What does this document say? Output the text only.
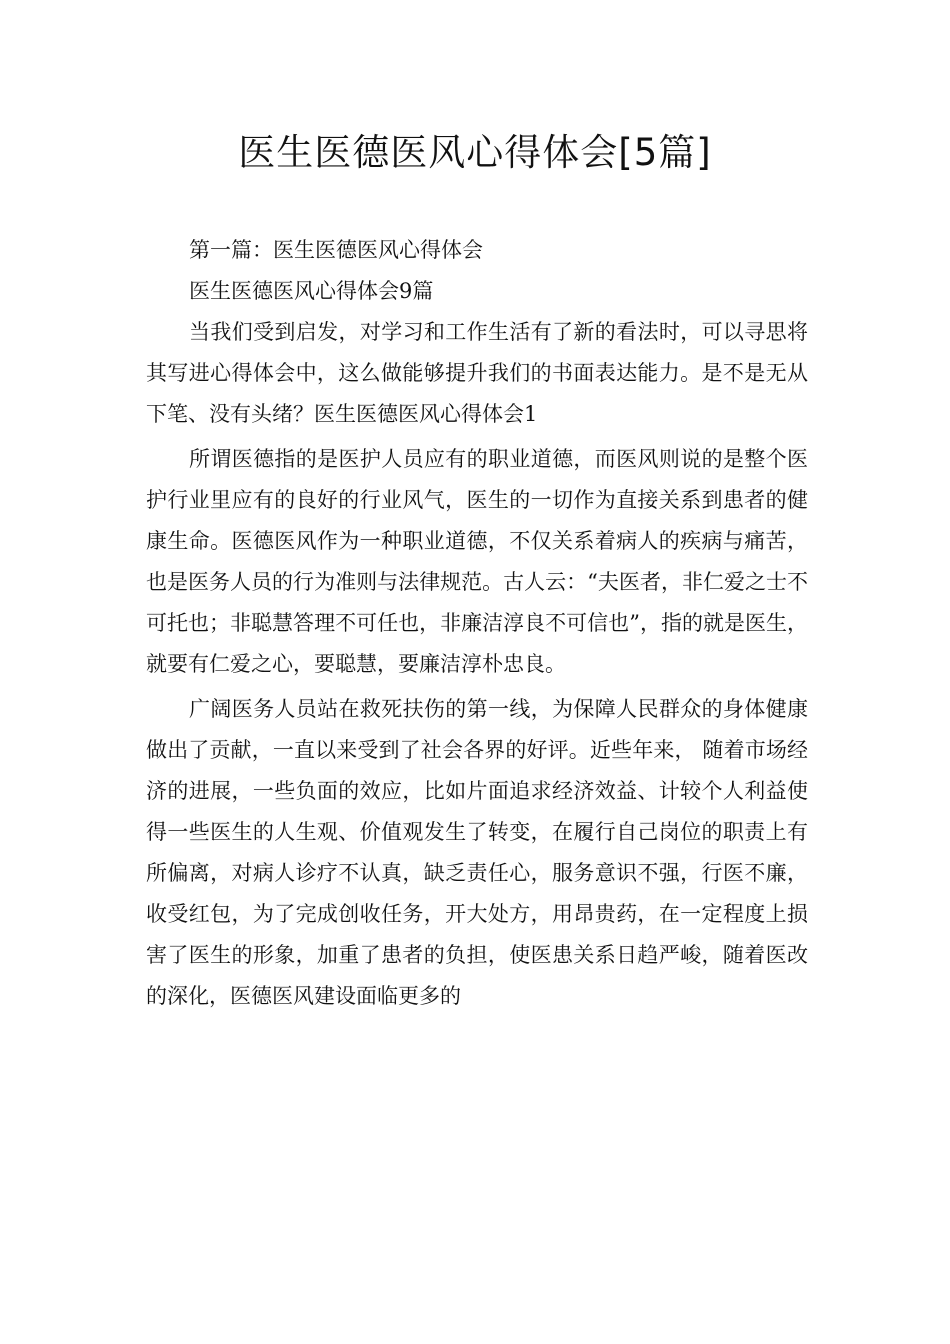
医生医德医风心得体会[5篇]

第一篇：医生医德医风心得体会

医生医德医风心得体会9篇

当我们受到启发，对学习和工作生活有了新的看法时，可以寻思将其写进心得体会中，这么做能够提升我们的书面表达能力。是不是无从下笔、没有头绪？医生医德医风心得体会1

所谓医德指的是医护人员应有的职业道德，而医风则说的是整个医护行业里应有的良好的行业风气，医生的一切作为直接关系到患者的健康生命。医德医风作为一种职业道德，不仅关系着病人的疾病与痛苦，也是医务人员的行为准则与法律规范。古人云：“夫医者，非仁爱之士不可托也；非聪慧答理不可任也，非廉洁淳良不可信也”，指的就是医生，就要有仁爱之心，要聪慧，要廉洁淳朴忠良。

广阔医务人员站在救死扶伤的第一线，为保障人民群众的身体健康做出了贡献，一直以来受到了社会各界的好评。近些年来， 随着市场经济的进展，一些负面的效应，比如片面追求经济效益、计较个人利益使得一些医生的人生观、价值观发生了转变，在履行自己岗位的职责上有所偏离，对病人诊疗不认真，缺乏责任心，服务意识不强，行医不廉，收受红包，为了完成创收任务，开大处方，用昂贵药，在一定程度上损害了医生的形象，加重了患者的负担，使医患关系日趋严峻，随着医改的深化，医德医风建设面临更多的
